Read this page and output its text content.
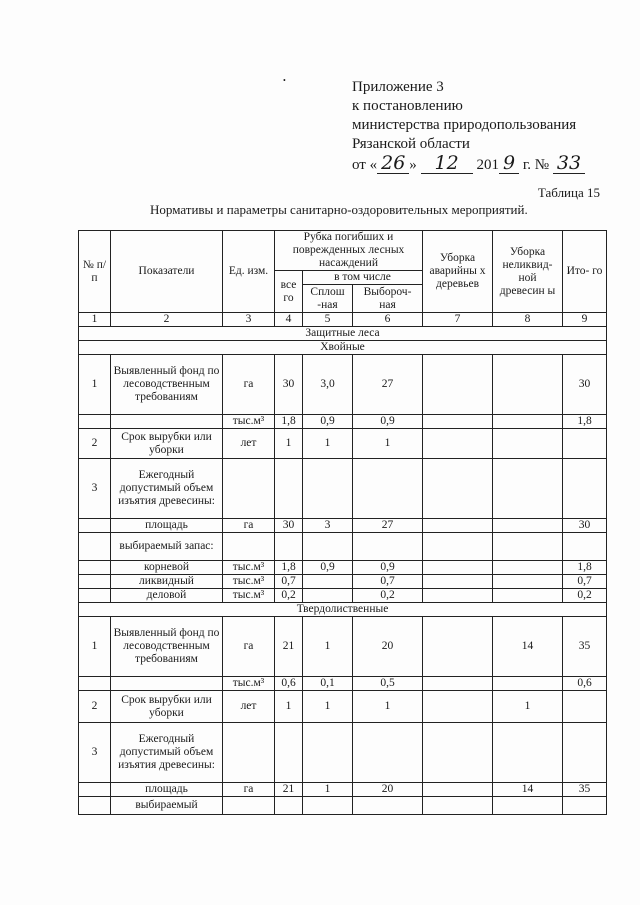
•	Приложение 3
к постановлению
министерства природопользования
Рязанской области
от « 26 » 12 201 9 г. № 33
Таблица 15
Нормативы и параметры санитарно-оздоровительных мероприятий.
№ п/п	Показатели	Ед. изм.	Рубка погибших и поврежденных лесных насаждений			Уборка аварийны х деревьев	Уборка неликвид- ной древесин ы	Ито- го
			все го	в том числе				
				Сплош -ная	Выбороч- ная			
1	2	3	4	5	6	7	8	9
Защитные леса								
Хвойные								
1	Выявленный фонд по лесоводственным требованиям	га	30	3,0	27			30
		тыс.м³	1,8	0,9	0,9			1,8
2	Срок вырубки или уборки	лет	1	1	1			
3	Ежегодный допустимый объем изъятия древесины:							
	площадь	га	30	3	27			30
	выбираемый запас:							
	корневой	тыс.м³	1,8	0,9	0,9			1,8
	ликвидный	тыс.м³	0,7		0,7			0,7
	деловой	тыс.м³	0,2		0,2			0,2
Твердолиственные								
1	Выявленный фонд по лесоводственным требованиям	га	21	1	20		14	35
		тыс.м³	0,6	0,1	0,5			0,6
2	Срок вырубки или уборки	лет	1	1	1		1	
3	Ежегодный допустимый объем изъятия древесины:							
	площадь	га	21	1	20		14	35
	выбираемый							
